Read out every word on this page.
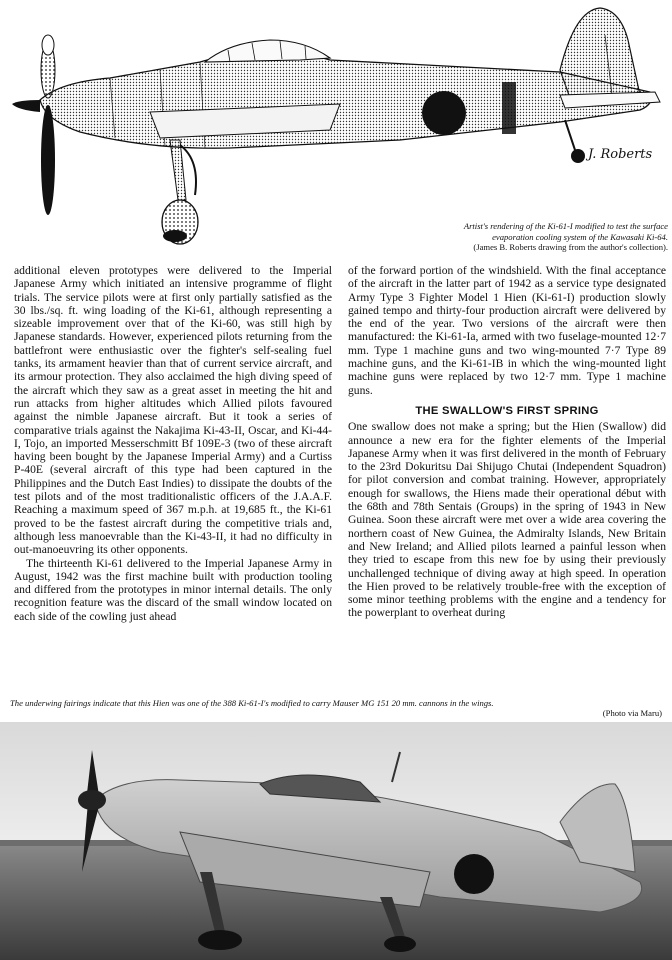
J. Roberts
Artist's rendering of the Ki-61-I modified to test the surface
evaporation cooling system of the Kawasaki Ki-64.
(James B. Roberts drawing from the author's collection).

additional eleven prototypes were delivered to the Imperial Japanese Army which initiated an intensive programme of flight trials. The service pilots were at first only partially satisfied as the 30 lbs./sq. ft. wing loading of the Ki-61, although representing a sizeable improvement over that of the Ki-60, was still high by Japanese standards. However, experienced pilots returning from the battlefront were enthusiastic over the fighter's self-sealing fuel tanks, its armament heavier than that of current service aircraft, and its armour protection. They also acclaimed the high diving speed of the aircraft which they saw as a great asset in meeting the hit and run attacks from higher altitudes which Allied pilots favoured against the nimble Japanese aircraft. But it took a series of comparative trials against the Nakajima Ki-43-II, Oscar, and Ki-44-I, Tojo, an imported Messerschmitt Bf 109E-3 (two of these aircraft having been bought by the Japanese Imperial Army) and a Curtiss P-40E (several aircraft of this type had been captured in the Philippines and the Dutch East Indies) to dissipate the doubts of the test pilots and of the most traditionalistic officers of the J.A.A.F. Reaching a maximum speed of 367 m.p.h. at 19,685 ft., the Ki-61 proved to be the fastest aircraft during the competitive trials and, although less manoevrable than the Ki-43-II, it had no difficulty in out-manoeuvring its other opponents.

The thirteenth Ki-61 delivered to the Imperial Japanese Army in August, 1942 was the first machine built with production tooling and differed from the prototypes in minor internal details. The only recognition feature was the discard of the small window located on each side of the cowling just ahead

of the forward portion of the windshield. With the final acceptance of the aircraft in the latter part of 1942 as a service type designated Army Type 3 Fighter Model 1 Hien (Ki-61-I) production slowly gained tempo and thirty-four production aircraft were delivered by the end of the year. Two versions of the aircraft were then manufactured: the Ki-61-Ia, armed with two fuselage-mounted 12·7 mm. Type 1 machine guns and two wing-mounted 7·7 Type 89 machine guns, and the Ki-61-IB in which the wing-mounted light machine guns were replaced by two 12·7 mm. Type 1 machine guns.

THE SWALLOW'S FIRST SPRING

One swallow does not make a spring; but the Hien (Swallow) did announce a new era for the fighter elements of the Imperial Japanese Army when it was first delivered in the month of February to the 23rd Dokuritsu Dai Shijugo Chutai (Independent Squadron) for pilot conversion and combat training. However, appropriately enough for swallows, the Hiens made their operational début with the 68th and 78th Sentais (Groups) in the spring of 1943 in New Guinea. Soon these aircraft were met over a wide area covering the northern coast of New Guinea, the Admiralty Islands, New Britain and New Ireland; and Allied pilots learned a painful lesson when they tried to escape from this new foe by using their previously unchallenged technique of diving away at high speed. In operation the Hien proved to be relatively trouble-free with the exception of some minor teething problems with the engine and a tendency for the powerplant to overheat during

The underwing fairings indicate that this Hien was one of the 388 Ki-61-I's modified to carry Mauser MG 151 20 mm. cannons in the wings.
(Photo via Maru)
